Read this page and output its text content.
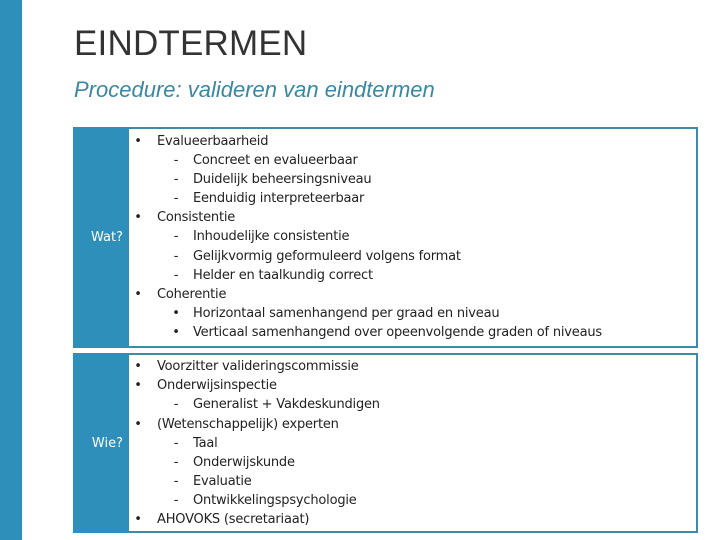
EINDTERMEN
Procedure: valideren van eindtermen
Wat?
• Evalueerbaarheid
- Concreet en evalueerbaar
- Duidelijk beheersingsniveau
- Eenduidig interpreteerbaar
• Consistentie
- Inhoudelijke consistentie
- Gelijkvormig geformuleerd volgens format
- Helder en taalkundig correct
• Coherentie
• Horizontaal samenhangend per graad en niveau
• Verticaal samenhangend over opeenvolgende graden of niveaus
Wie?
• Voorzitter valideringscommissie
• Onderwijsinspectie
- Generalist + Vakdeskundigen
• (Wetenschappelijk) experten
- Taal
- Onderwijskunde
- Evaluatie
- Ontwikkelingspsychologie
• AHOVOKS (secretariaat)
